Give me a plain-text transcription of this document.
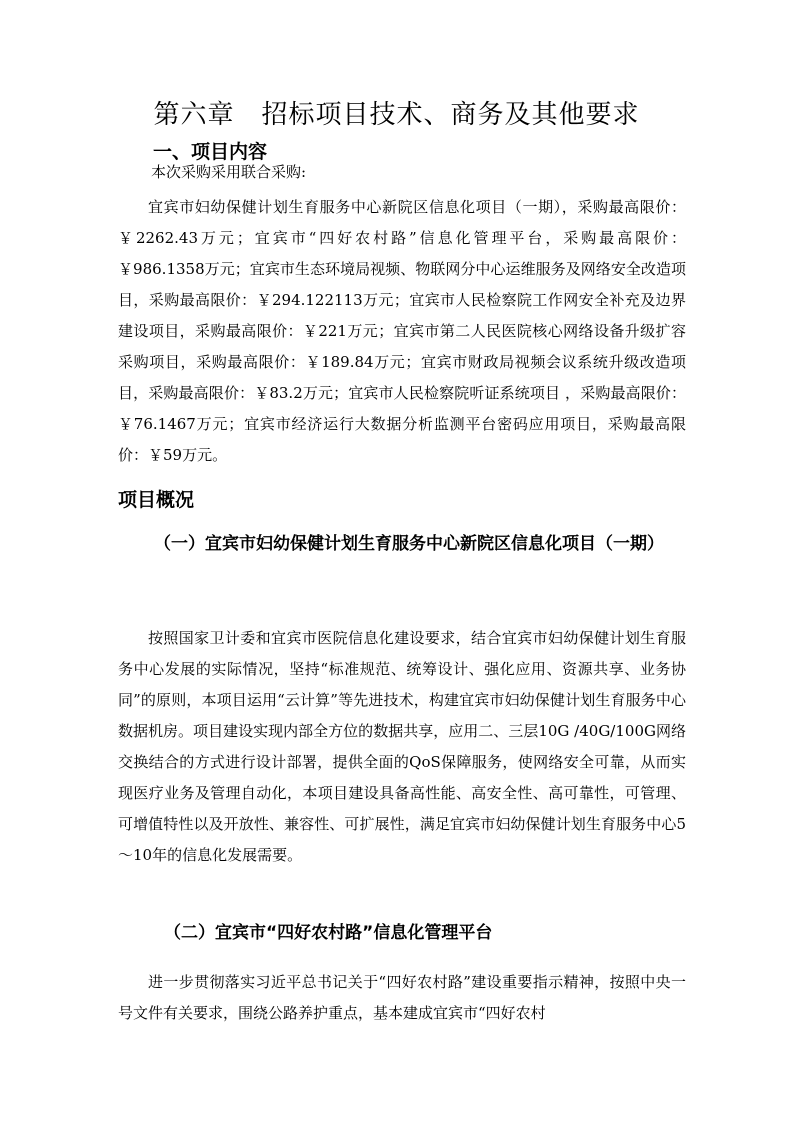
第六章　招标项目技术、商务及其他要求
一、项目内容
本次采购采用联合采购:
宜宾市妇幼保健计划生育服务中心新院区信息化项目（一期），采购最高限价：￥2262.43万元；宜宾市“四好农村路”信息化管理平台，采购最高限价：￥986.1358万元；宜宾市生态环境局视频、物联网分中心运维服务及网络安全改造项目，采购最高限价：￥294.122113万元；宜宾市人民检察院工作网安全补充及边界建设项目，采购最高限价：￥221万元；宜宾市第二人民医院核心网络设备升级扩容采购项目，采购最高限价：￥189.84万元；宜宾市财政局视频会议系统升级改造项目，采购最高限价：￥83.2万元；宜宾市人民检察院听证系统项目 ，采购最高限价：￥76.1467万元；宜宾市经济运行大数据分析监测平台密码应用项目，采购最高限价：￥59万元。
项目概况
（一）宜宾市妇幼保健计划生育服务中心新院区信息化项目（一期）
按照国家卫计委和宜宾市医院信息化建设要求，结合宜宾市妇幼保健计划生育服务中心发展的实际情况，坚持“标准规范、统筹设计、强化应用、资源共享、业务协同”的原则，本项目运用“云计算”等先进技术，构建宜宾市妇幼保健计划生育服务中心数据机房。项目建设实现内部全方位的数据共享，应用二、三层10G /40G/100G网络交换结合的方式进行设计部署，提供全面的QoS保障服务，使网络安全可靠，从而实现医疗业务及管理自动化，本项目建设具备高性能、高安全性、高可靠性，可管理、可增值特性以及开放性、兼容性、可扩展性，满足宜宾市妇幼保健计划生育服务中心5～10年的信息化发展需要。
（二）宜宾市“四好农村路”信息化管理平台
进一步贯彻落实习近平总书记关于“四好农村路”建设重要指示精神，按照中央一号文件有关要求，围绕公路养护重点，基本建成宜宾市“四好农村
